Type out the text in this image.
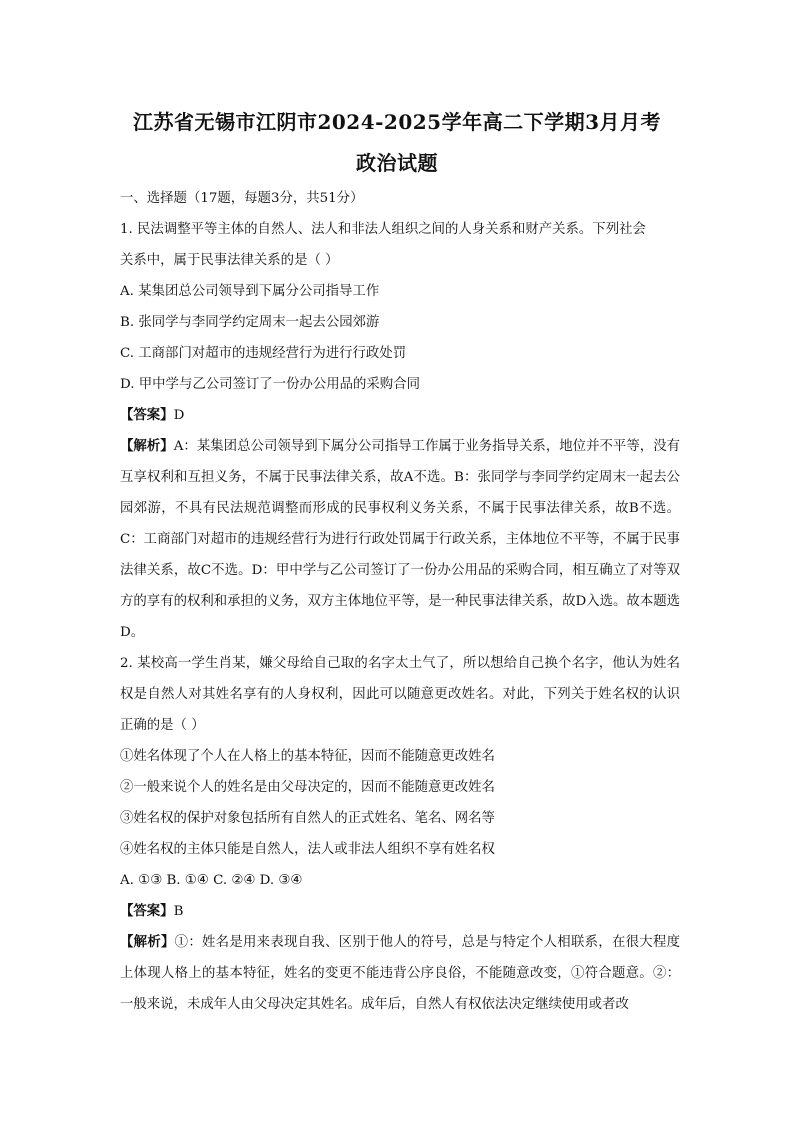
江苏省无锡市江阴市2024-2025学年高二下学期3月月考
政治试题
一、选择题（17题，每题3分，共51分）
1. 民法调整平等主体的自然人、法人和非法人组织之间的人身关系和财产关系。下列社会
关系中，属于民事法律关系的是（ ）
A. 某集团总公司领导到下属分公司指导工作
B. 张同学与李同学约定周末一起去公园郊游
C. 工商部门对超市的违规经营行为进行行政处罚
D. 甲中学与乙公司签订了一份办公用品的采购合同
【答案】D
【解析】A：某集团总公司领导到下属分公司指导工作属于业务指导关系，地位并不平等，没有互享权利和互担义务，不属于民事法律关系，故A不选。B：张同学与李同学约定周末一起去公园郊游，不具有民法规范调整而形成的民事权利义务关系，不属于民事法律关系，故B不选。C：工商部门对超市的违规经营行为进行行政处罚属于行政关系，主体地位不平等，不属于民事法律关系，故C不选。D：甲中学与乙公司签订了一份办公用品的采购合同，相互确立了对等双方的享有的权利和承担的义务，双方主体地位平等，是一种民事法律关系，故D入选。故本题选D。
2. 某校高一学生肖某，嫌父母给自己取的名字太土气了，所以想给自己换个名字，他认为姓名权是自然人对其姓名享有的人身权利，因此可以随意更改姓名。对此，下列关于姓名权的认识正确的是（ ）
①姓名体现了个人在人格上的基本特征，因而不能随意更改姓名
②一般来说个人的姓名是由父母决定的，因而不能随意更改姓名
③姓名权的保护对象包括所有自然人的正式姓名、笔名、网名等
④姓名权的主体只能是自然人，法人或非法人组织不享有姓名权
A. ①③ B. ①④ C. ②④ D. ③④
【答案】B
【解析】①：姓名是用来表现自我、区别于他人的符号，总是与特定个人相联系，在很大程度上体现人格上的基本特征，姓名的变更不能违背公序良俗，不能随意改变，①符合题意。②：一般来说，未成年人由父母决定其姓名。成年后，自然人有权依法决定继续使用或者改
